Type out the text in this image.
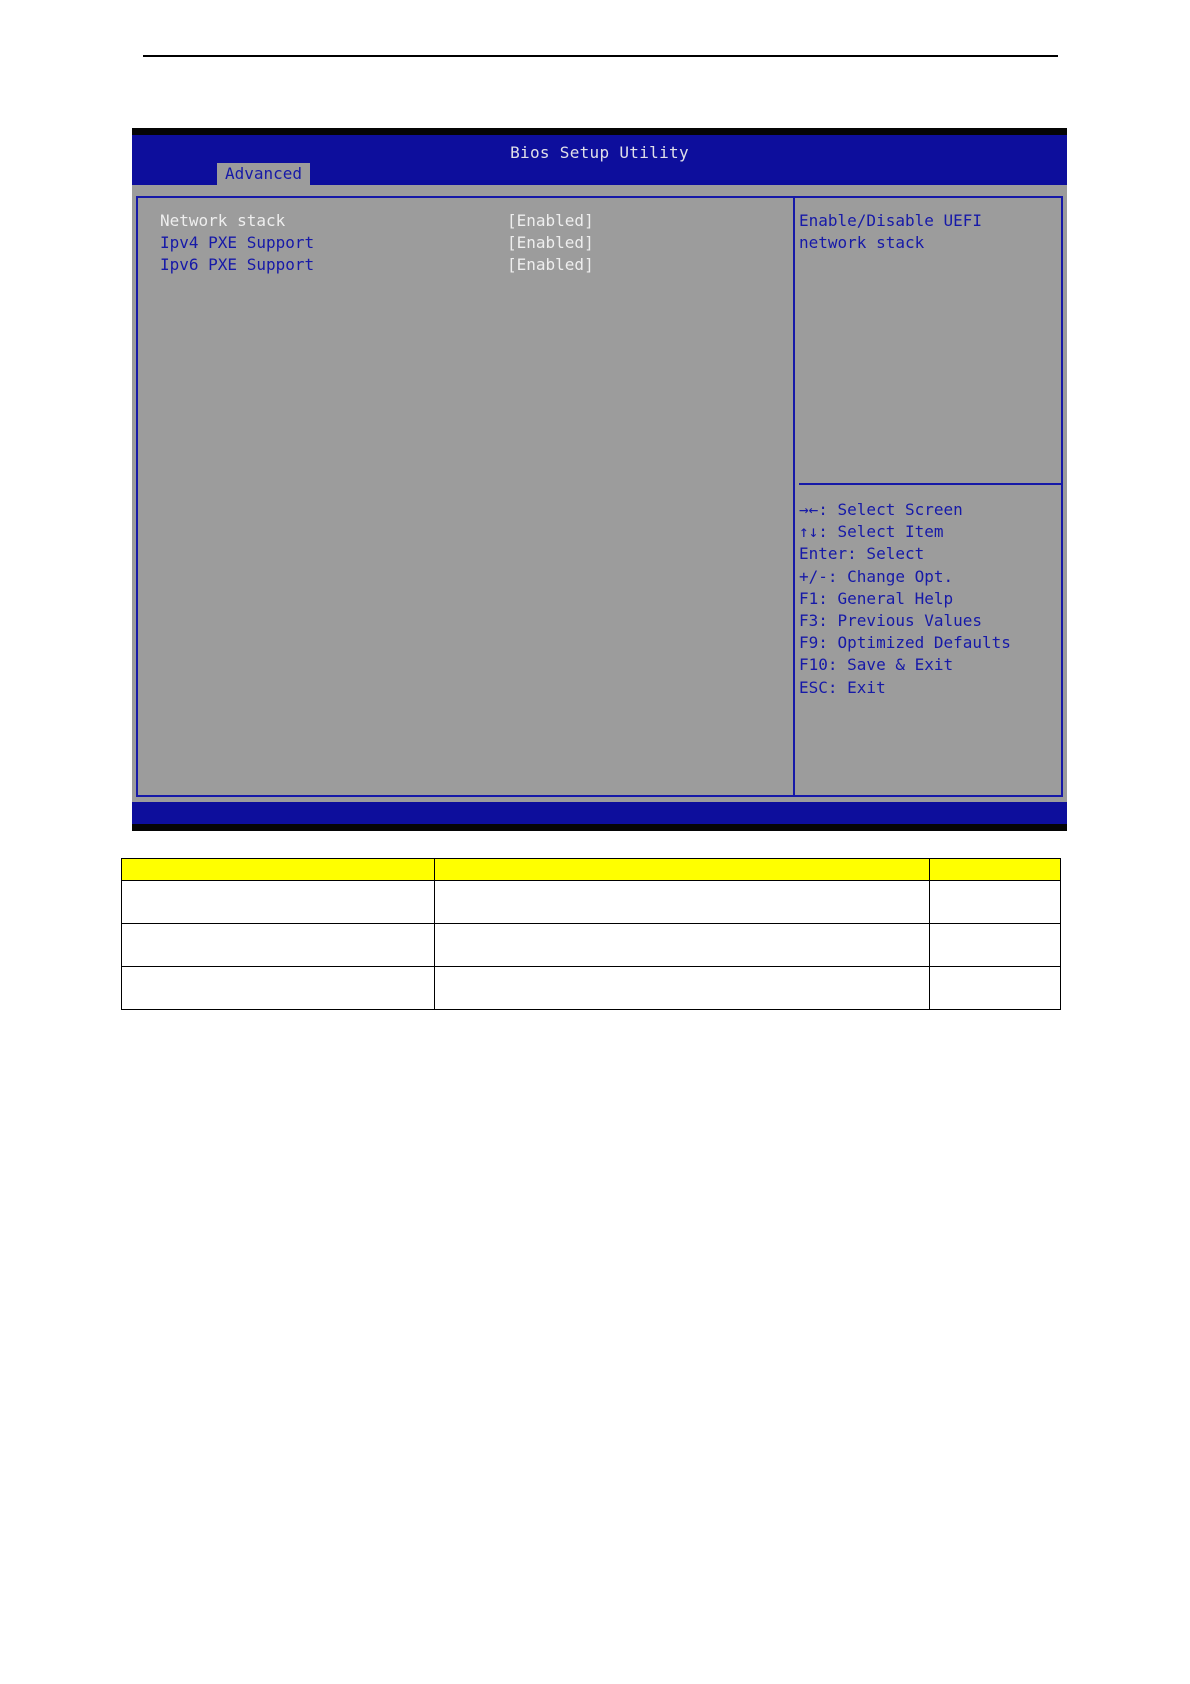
Bios Setup Utility
Advanced
Network stack	[Enabled]
Ipv4 PXE Support	[Enabled]
Ipv6 PXE Support	[Enabled]
Enable/Disable UEFI
network stack
→←: Select Screen
↑↓: Select Item
Enter: Select
+/-: Change Opt.
F1: General Help
F3: Previous Values
F9: Optimized Defaults
F10: Save & Exit
ESC: Exit
